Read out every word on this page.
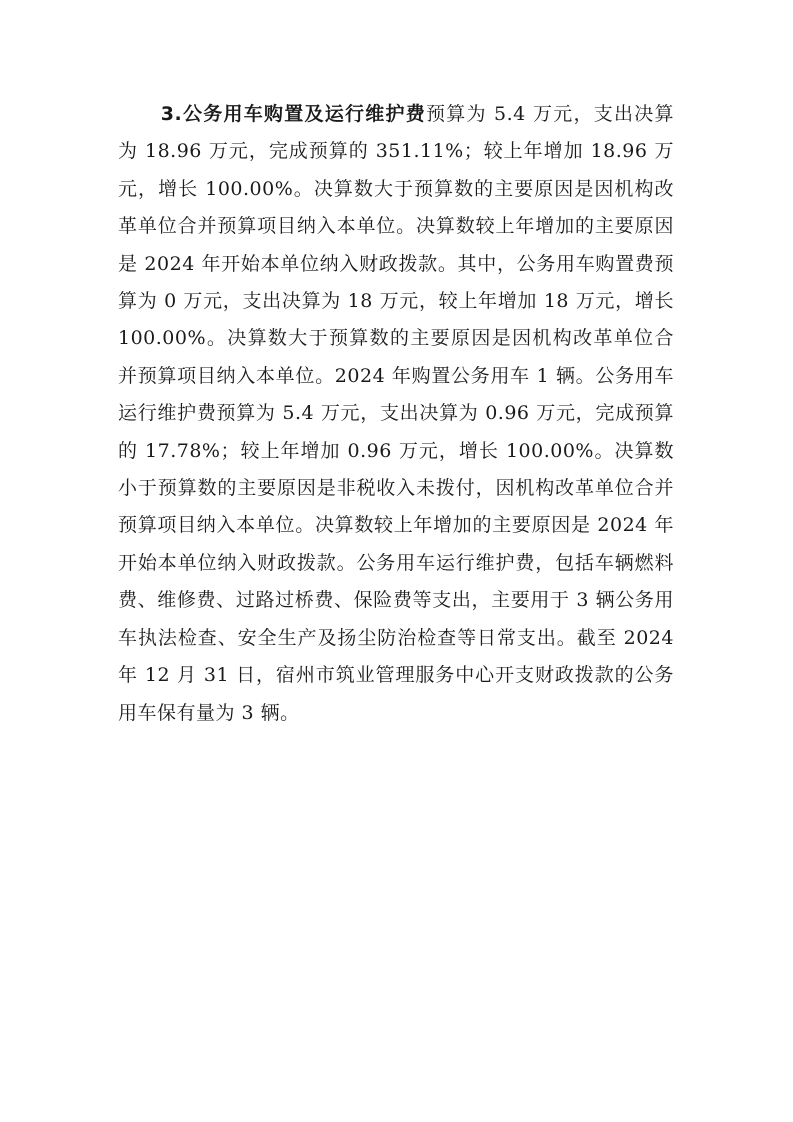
3.公务用车购置及运行维护费预算为 5.4 万元，支出决算为 18.96 万元，完成预算的 351.11%；较上年增加 18.96 万元，增长 100.00%。决算数大于预算数的主要原因是因机构改革单位合并预算项目纳入本单位。决算数较上年增加的主要原因是 2024 年开始本单位纳入财政拨款。其中，公务用车购置费预算为 0 万元，支出决算为 18 万元，较上年增加 18 万元，增长 100.00%。决算数大于预算数的主要原因是因机构改革单位合并预算项目纳入本单位。2024 年购置公务用车 1 辆。公务用车运行维护费预算为 5.4 万元，支出决算为 0.96 万元，完成预算的 17.78%；较上年增加 0.96 万元，增长 100.00%。决算数小于预算数的主要原因是非税收入未拨付，因机构改革单位合并预算项目纳入本单位。决算数较上年增加的主要原因是 2024 年开始本单位纳入财政拨款。公务用车运行维护费，包括车辆燃料费、维修费、过路过桥费、保险费等支出，主要用于 3 辆公务用车执法检查、安全生产及扬尘防治检查等日常支出。截至 2024 年 12 月 31 日，宿州市筑业管理服务中心开支财政拨款的公务用车保有量为 3 辆。
